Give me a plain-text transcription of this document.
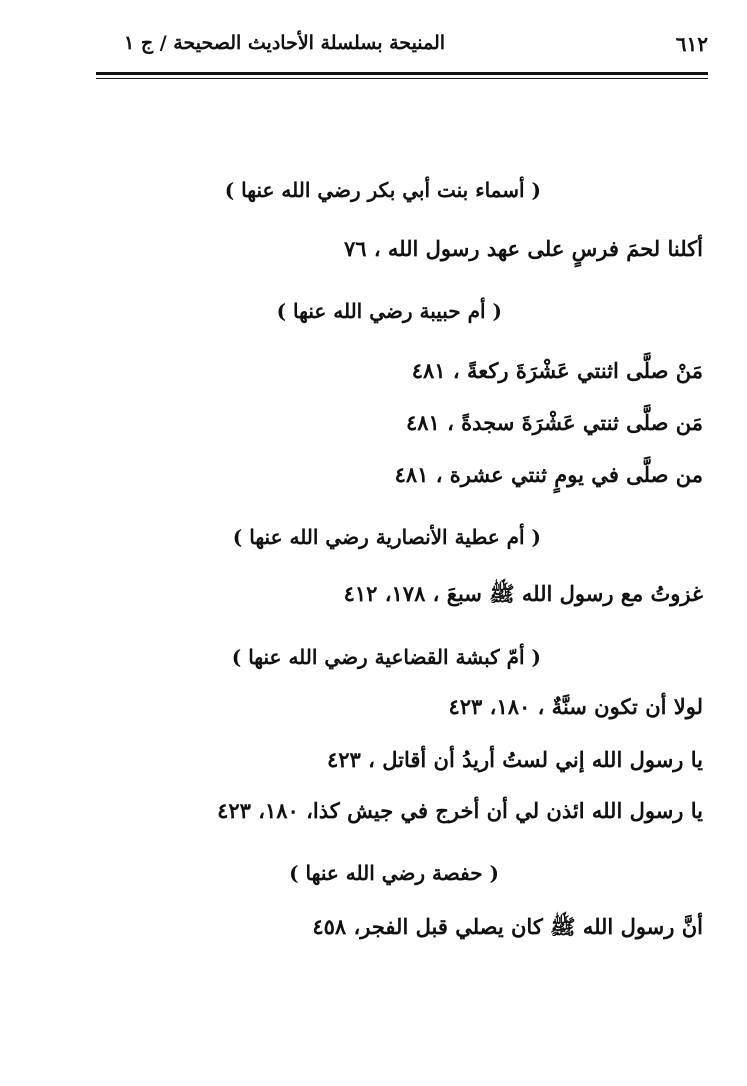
٦١٢
المنيحة بسلسلة الأحاديث الصحيحة / ج ١
( أسماء بنت أبي بكر رضي الله عنها )
أكلنا لحمَ فرسٍ على عهد رسول الله ، ٧٦
( أم حبيبة رضي الله عنها )
مَنْ صلَّى اثنتي عَشْرَةَ ركعةً ، ٤٨١
مَن صلَّى ثنتي عَشْرَةَ سجدةً ، ٤٨١
من صلَّى في يومٍ ثنتي عشرة ، ٤٨١
( أم عطية الأنصارية رضي الله عنها )
غزوتُ مع رسول الله ﷺ سبعَ ، ١٧٨، ٤١٢
( أمّ كبشة القضاعية رضي الله عنها )
لولا أن تكون سنَّةٌ ، ١٨٠، ٤٢٣
يا رسول الله إني لستُ أريدُ أن أقاتل ، ٤٢٣
يا رسول الله ائذن لي أن أخرج في جيش كذا، ١٨٠، ٤٢٣
( حفصة رضي الله عنها )
أنَّ رسول الله ﷺ كان يصلي قبل الفجر، ٤٥٨
